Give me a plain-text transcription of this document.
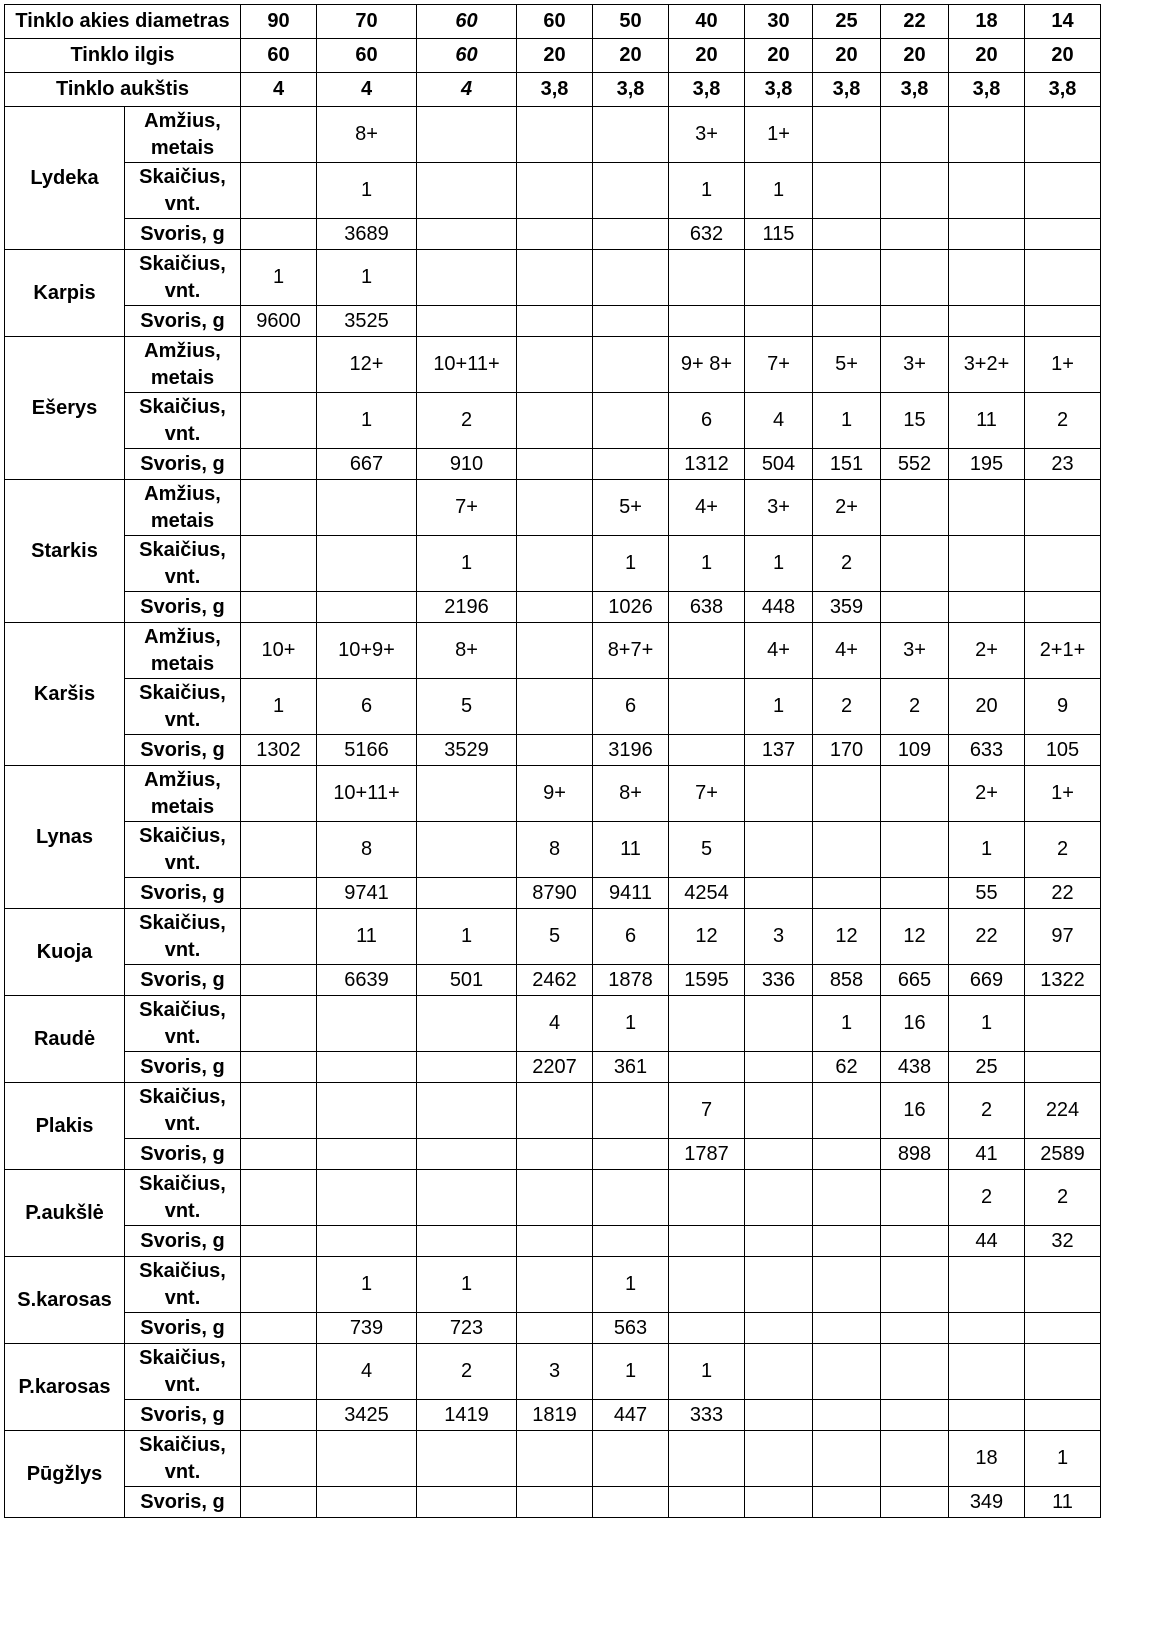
Tinklo akies diametras		90	70	60	60	50	40	30	25	22	18	14
Tinklo ilgis		60	60	60	20	20	20	20	20	20	20	20
Tinklo aukštis		4	4	4	3,8	3,8	3,8	3,8	3,8	3,8	3,8	3,8
Lydeka	Amžius, metais		8+				3+	1+				
	Skaičius, vnt.		1				1	1				
	Svoris, g		3689				632	115				
Karpis	Skaičius, vnt.	1	1									
	Svoris, g	9600	3525									
Ešerys	Amžius, metais		12+	10+11+			9+ 8+	7+	5+	3+	3+2+	1+
	Skaičius, vnt.		1	2			6	4	1	15	11	2
	Svoris, g		667	910			1312	504	151	552	195	23
Starkis	Amžius, metais			7+		5+	4+	3+	2+			
	Skaičius, vnt.			1		1	1	1	2			
	Svoris, g			2196		1026	638	448	359			
Karšis	Amžius, metais	10+	10+9+	8+		8+7+		4+	4+	3+	2+	2+1+
	Skaičius, vnt.	1	6	5		6		1	2	2	20	9
	Svoris, g	1302	5166	3529		3196		137	170	109	633	105
Lynas	Amžius, metais		10+11+		9+	8+	7+				2+	1+
	Skaičius, vnt.		8		8	11	5				1	2
	Svoris, g		9741		8790	9411	4254				55	22
Kuoja	Skaičius, vnt.		11	1	5	6	12	3	12	12	22	97
	Svoris, g		6639	501	2462	1878	1595	336	858	665	669	1322
Raudė	Skaičius, vnt.				4	1			1	16	1	
	Svoris, g				2207	361			62	438	25	
Plakis	Skaičius, vnt.						7			16	2	224
	Svoris, g						1787			898	41	2589
P.aukšlė	Skaičius, vnt.										2	2
	Svoris, g										44	32
S.karosas	Skaičius, vnt.		1	1		1						
	Svoris, g		739	723		563						
P.karosas	Skaičius, vnt.		4	2	3	1	1					
	Svoris, g		3425	1419	1819	447	333					
Pūgžlys	Skaičius, vnt.										18	1
	Svoris, g										349	11
